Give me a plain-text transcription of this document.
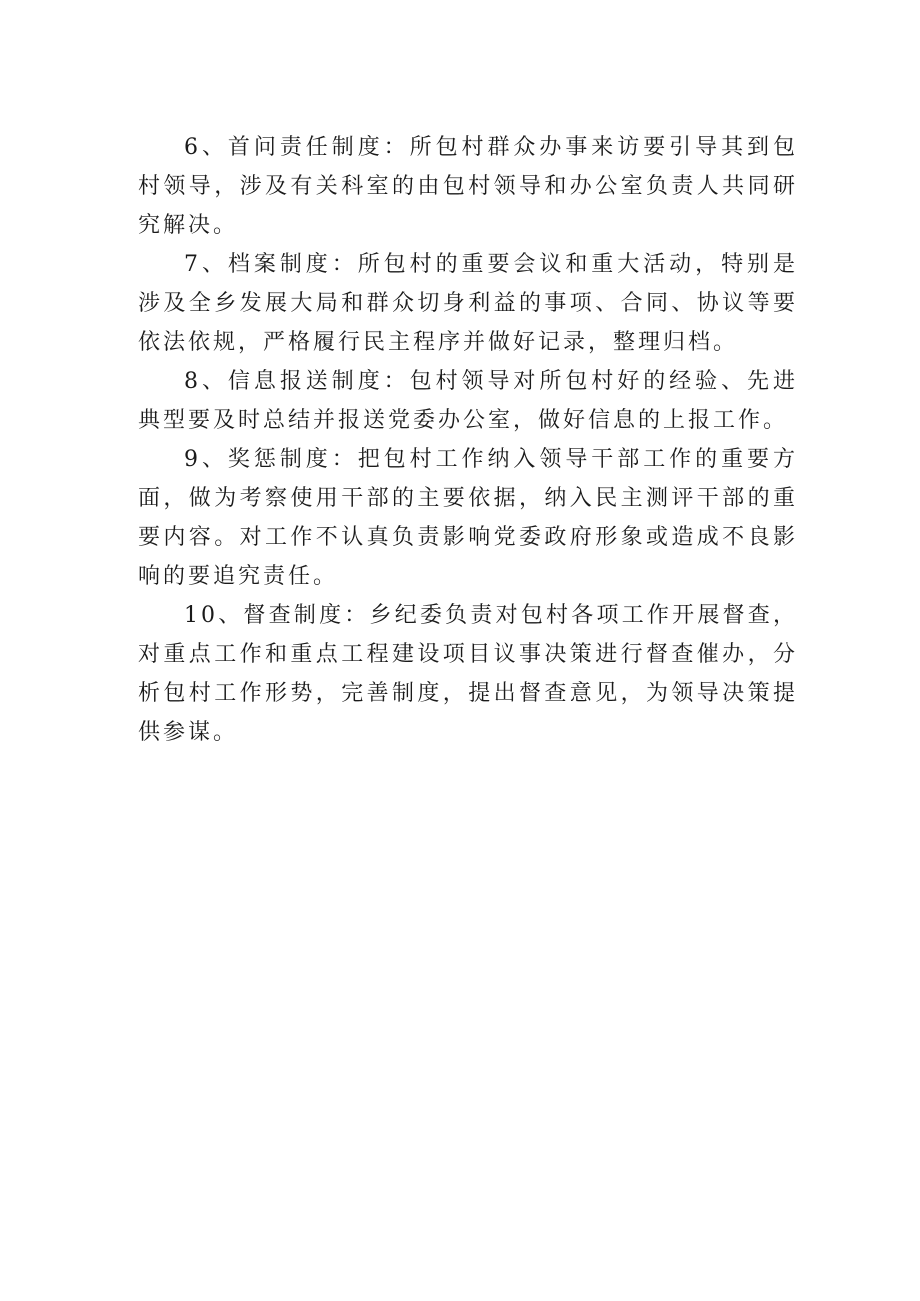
6、首问责任制度：所包村群众办事来访要引导其到包村领导，涉及有关科室的由包村领导和办公室负责人共同研究解决。

7、档案制度：所包村的重要会议和重大活动，特别是涉及全乡发展大局和群众切身利益的事项、合同、协议等要依法依规，严格履行民主程序并做好记录，整理归档。

8、信息报送制度：包村领导对所包村好的经验、先进典型要及时总结并报送党委办公室，做好信息的上报工作。

9、奖惩制度：把包村工作纳入领导干部工作的重要方面，做为考察使用干部的主要依据，纳入民主测评干部的重要内容。对工作不认真负责影响党委政府形象或造成不良影响的要追究责任。

10、督查制度：乡纪委负责对包村各项工作开展督查，对重点工作和重点工程建设项目议事决策进行督查催办，分析包村工作形势，完善制度，提出督查意见，为领导决策提供参谋。
